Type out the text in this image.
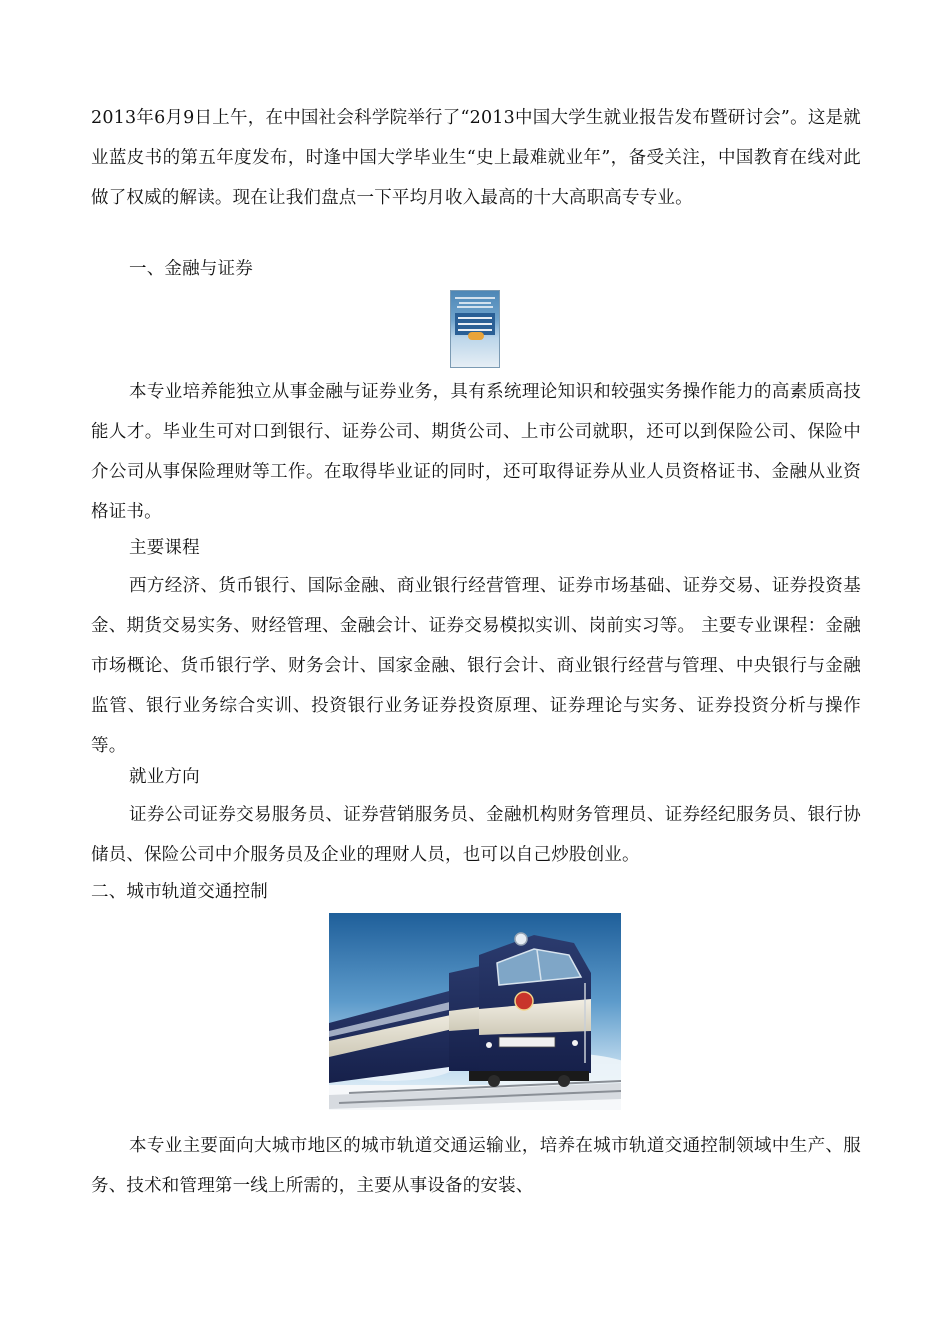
2013年6月9日上午，在中国社会科学院举行了“2013中国大学生就业报告发布暨研讨会”。这是就业蓝皮书的第五年度发布，时逢中国大学毕业生“史上最难就业年”，备受关注，中国教育在线对此做了权威的解读。现在让我们盘点一下平均月收入最高的十大高职高专专业。

一、金融与证券

本专业培养能独立从事金融与证券业务，具有系统理论知识和较强实务操作能力的高素质高技能人才。毕业生可对口到银行、证券公司、期货公司、上市公司就职，还可以到保险公司、保险中介公司从事保险理财等工作。在取得毕业证的同时，还可取得证券从业人员资格证书、金融从业资格证书。

主要课程

西方经济、货币银行、国际金融、商业银行经营管理、证券市场基础、证券交易、证券投资基金、期货交易实务、财经管理、金融会计、证券交易模拟实训、岗前实习等。 主要专业课程：金融市场概论、货币银行学、财务会计、国家金融、银行会计、商业银行经营与管理、中央银行与金融监管、银行业务综合实训、投资银行业务证券投资原理、证券理论与实务、证券投资分析与操作等。

就业方向

证券公司证券交易服务员、证券营销服务员、金融机构财务管理员、证券经纪服务员、银行协储员、保险公司中介服务员及企业的理财人员，也可以自己炒股创业。

二、城市轨道交通控制

本专业主要面向大城市地区的城市轨道交通运输业，培养在城市轨道交通控制领域中生产、服务、技术和管理第一线上所需的，主要从事设备的安装、
